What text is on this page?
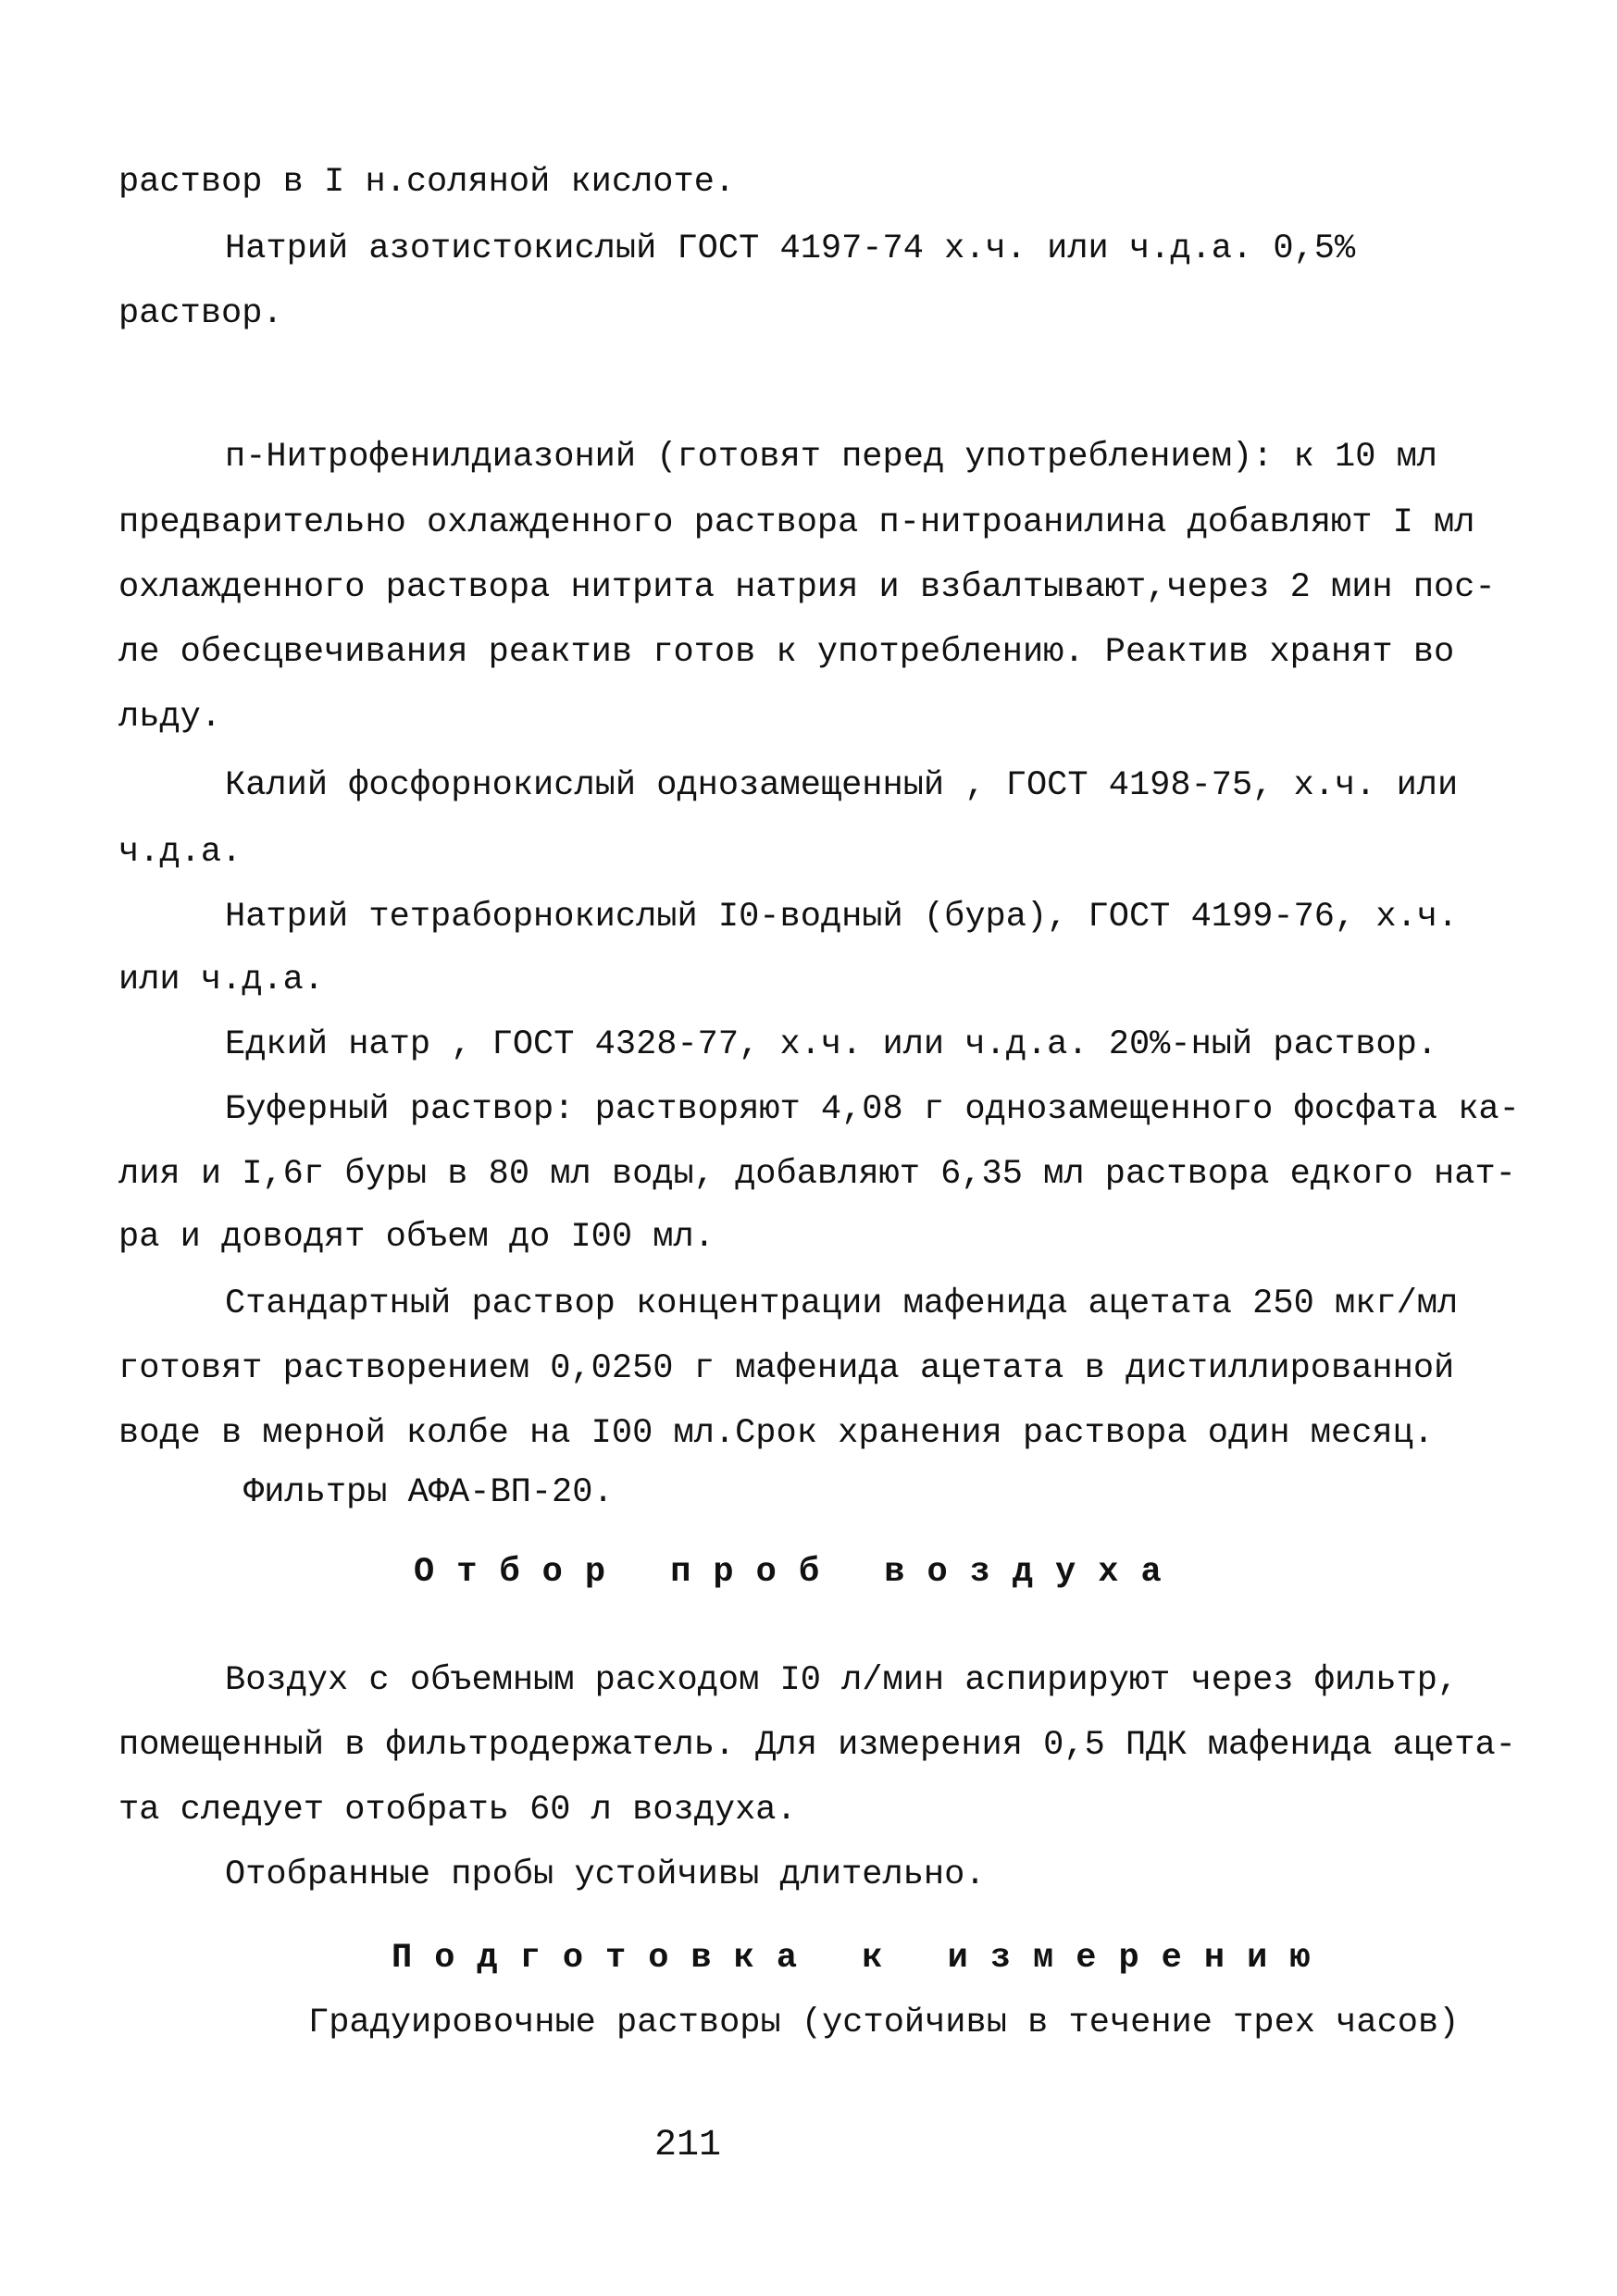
раствор в I н.соляной кислоте.
Натрий азотистокислый ГОСТ 4197-74 х.ч. или ч.д.а. 0,5%
раствор.
п-Нитрофенилдиазоний (готовят перед употреблением): к 10 мл
предварительно охлажденного раствора п-нитроанилина добавляют I мл
охлажденного раствора нитрита натрия и взбалтывают,через 2 мин пос-
ле обесцвечивания реактив готов к употреблению. Реактив хранят во
льду.
Калий фосфорнокислый однозамещенный , ГОСТ 4198-75, х.ч. или
ч.д.а.
Натрий тетраборнокислый I0-водный (бура), ГОСТ 4199-76, х.ч.
или ч.д.а.
Едкий натр , ГОСТ 4328-77, х.ч. или ч.д.а. 20%-ный раствор.
Буферный раствор: растворяют 4,08 г однозамещенного фосфата ка-
лия и I,6г буры в 80 мл воды, добавляют 6,35 мл раствора едкого нат-
ра и доводят объем до I00 мл.
Стандартный раствор концентрации мафенида ацетата 250 мкг/мл
готовят растворением 0,0250 г мафенида ацетата в дистиллированной
воде в мерной колбе на I00 мл.Срок хранения раствора один месяц.
Фильтры АФА-ВП-20.
Отбор проб воздуха
Воздух с объемным расходом I0 л/мин аспирируют через фильтр,
помещенный в фильтродержатель. Для измерения 0,5 ПДК мафенида ацета-
та следует отобрать 60 л воздуха.
Отобранные пробы устойчивы длительно.
Подготовка к измерению
Градуировочные растворы (устойчивы в течение трех часов)
211
